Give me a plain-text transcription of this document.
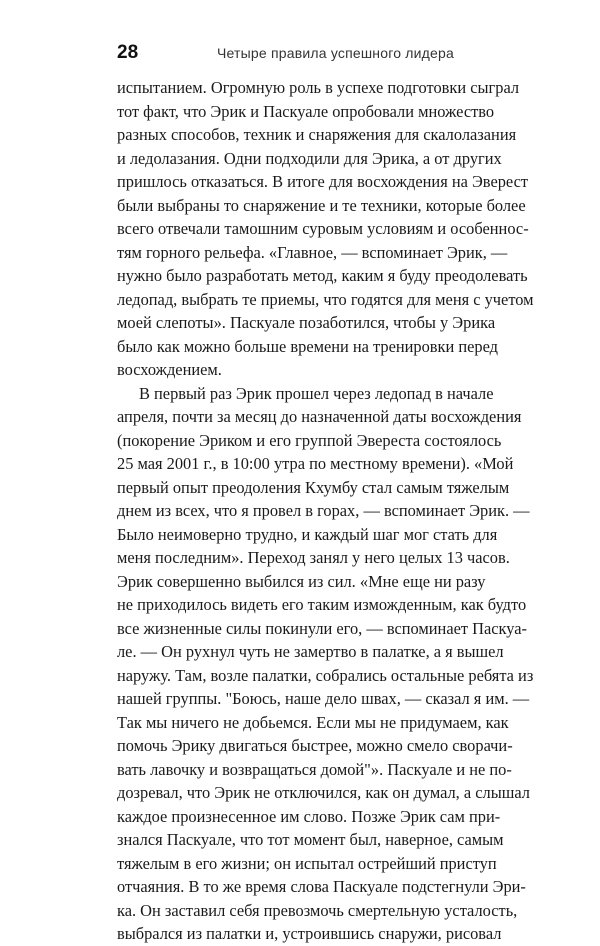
28	Четыре правила успешного лидера
испытанием. Огромную роль в успехе подготовки сыграл
тот факт, что Эрик и Паскуале опробовали множество
разных способов, техник и снаряжения для скалолазания
и ледолазания. Одни подходили для Эрика, а от других
пришлось отказаться. В итоге для восхождения на Эверест
были выбраны то снаряжение и те техники, которые более
всего отвечали тамошним суровым условиям и особеннос-
тям горного рельефа. «Главное, — вспоминает Эрик, —
нужно было разработать метод, каким я буду преодолевать
ледопад, выбрать те приемы, что годятся для меня с учетом
моей слепоты». Паскуале позаботился, чтобы у Эрика
было как можно больше времени на тренировки перед
восхождением.
В первый раз Эрик прошел через ледопад в начале
апреля, почти за месяц до назначенной даты восхождения
(покорение Эриком и его группой Эвереста состоялось
25 мая 2001 г., в 10:00 утра по местному времени). «Мой
первый опыт преодоления Кхумбу стал самым тяжелым
днем из всех, что я провел в горах, — вспоминает Эрик. —
Было неимоверно трудно, и каждый шаг мог стать для
меня последним». Переход занял у него целых 13 часов.
Эрик совершенно выбился из сил. «Мне еще ни разу
не приходилось видеть его таким изможденным, как будто
все жизненные силы покинули его, — вспоминает Паскуа-
ле. — Он рухнул чуть не замертво в палатке, а я вышел
наружу. Там, возле палатки, собрались остальные ребята из
нашей группы. "Боюсь, наше дело швах, — сказал я им. —
Так мы ничего не добьемся. Если мы не придумаем, как
помочь Эрику двигаться быстрее, можно смело сворачи-
вать лавочку и возвращаться домой"». Паскуале и не по-
дозревал, что Эрик не отключился, как он думал, а слышал
каждое произнесенное им слово. Позже Эрик сам при-
знался Паскуале, что тот момент был, наверное, самым
тяжелым в его жизни; он испытал острейший приступ
отчаяния. В то же время слова Паскуале подстегнули Эри-
ка. Он заставил себя превозмочь смертельную усталость,
выбрался из палатки и, устроившись снаружи, рисовал
